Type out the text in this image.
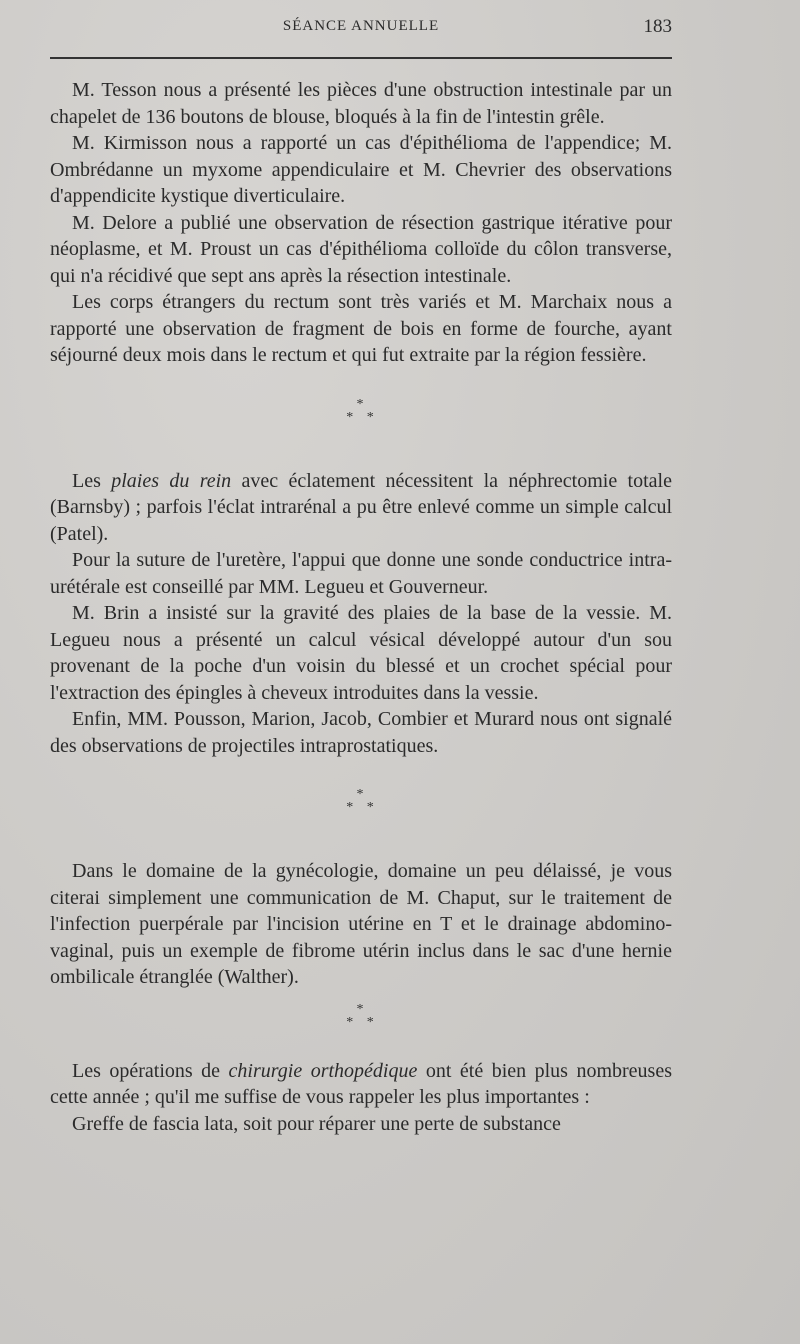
SÉANCE ANNUELLE	183

M. Tesson nous a présenté les pièces d'une obstruction intestinale par un chapelet de 136 boutons de blouse, bloqués à la fin de l'intestin grêle.

M. Kirmisson nous a rapporté un cas d'épithélioma de l'appendice; M. Ombrédanne un myxome appendiculaire et M. Chevrier des observations d'appendicite kystique diverticulaire.

M. Delore a publié une observation de résection gastrique itérative pour néoplasme, et M. Proust un cas d'épithélioma colloïde du côlon transverse, qui n'a récidivé que sept ans après la résection intestinale.

Les corps étrangers du rectum sont très variés et M. Marchaix nous a rapporté une observation de fragment de bois en forme de fourche, ayant séjourné deux mois dans le rectum et qui fut extraite par la région fessière.

*
* *

Les plaies du rein avec éclatement nécessitent la néphrectomie totale (Barnsby) ; parfois l'éclat intrarénal a pu être enlevé comme un simple calcul (Patel).

Pour la suture de l'uretère, l'appui que donne une sonde conductrice intra-urétérale est conseillé par MM. Legueu et Gouverneur.

M. Brin a insisté sur la gravité des plaies de la base de la vessie. M. Legueu nous a présenté un calcul vésical développé autour d'un sou provenant de la poche d'un voisin du blessé et un crochet spécial pour l'extraction des épingles à cheveux introduites dans la vessie.

Enfin, MM. Pousson, Marion, Jacob, Combier et Murard nous ont signalé des observations de projectiles intraprostatiques.

*
* *

Dans le domaine de la gynécologie, domaine un peu délaissé, je vous citerai simplement une communication de M. Chaput, sur le traitement de l'infection puerpérale par l'incision utérine en T et le drainage abdomino-vaginal, puis un exemple de fibrome utérin inclus dans le sac d'une hernie ombilicale étranglée (Walther).

*
* *

Les opérations de chirurgie orthopédique ont été bien plus nombreuses cette année ; qu'il me suffise de vous rappeler les plus importantes :

Greffe de fascia lata, soit pour réparer une perte de substance
